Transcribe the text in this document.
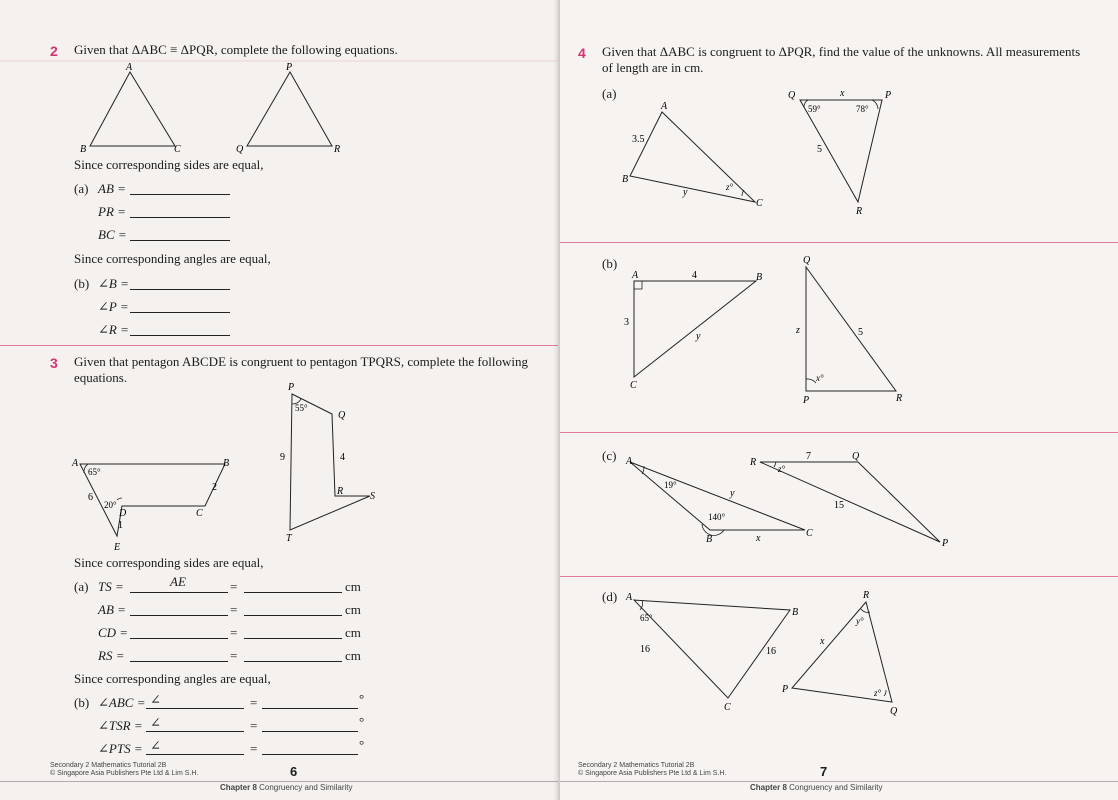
2 Given that ΔABC ≡ ΔPQR, complete the following equations.
A
B	C
P
Q	R
Since corresponding sides are equal,
(a) AB =
PR =
BC =
Since corresponding angles are equal,
(b) ∠B =
∠P =
∠R =
3 Given that pentagon ABCDE is congruent to pentagon TPQRS, complete the following
equations.
A	B
C
D
E
65°
20°
6
2
1
P
Q
R	S
T
55°
9	4
Since corresponding sides are equal,
(a) TS =	AE	=	cm
AB =	=	cm
CD =	=	cm
RS =	=	cm
Since corresponding angles are equal,
(b) ∠ABC = ∠	=	°
∠TSR = ∠	=	°
∠PTS = ∠	=	°
Secondary 2 Mathematics Tutorial 2B
© Singapore Asia Publishers Pte Ltd & Lim S.H.	6
Chapter 8 Congruency and Similarity
4 Given that ΔABC is congruent to ΔPQR, find the value of the unknowns. All measurements
of length are in cm.
(a)
A
B
C
3.5
y	z°
Q	P
R
x
59°	78°
5
(b)
A	B
C
4
3
y
Q
P	R
z	5
x°
(c) A
B
C
19°
y
140°
x
R
Q
P
7
z°
15
(d) A
B
C
65°
16	16
R
P
Q
x
y°
z°
Secondary 2 Mathematics Tutorial 2B
© Singapore Asia Publishers Pte Ltd & Lim S.H.	7
Chapter 8 Congruency and Similarity
